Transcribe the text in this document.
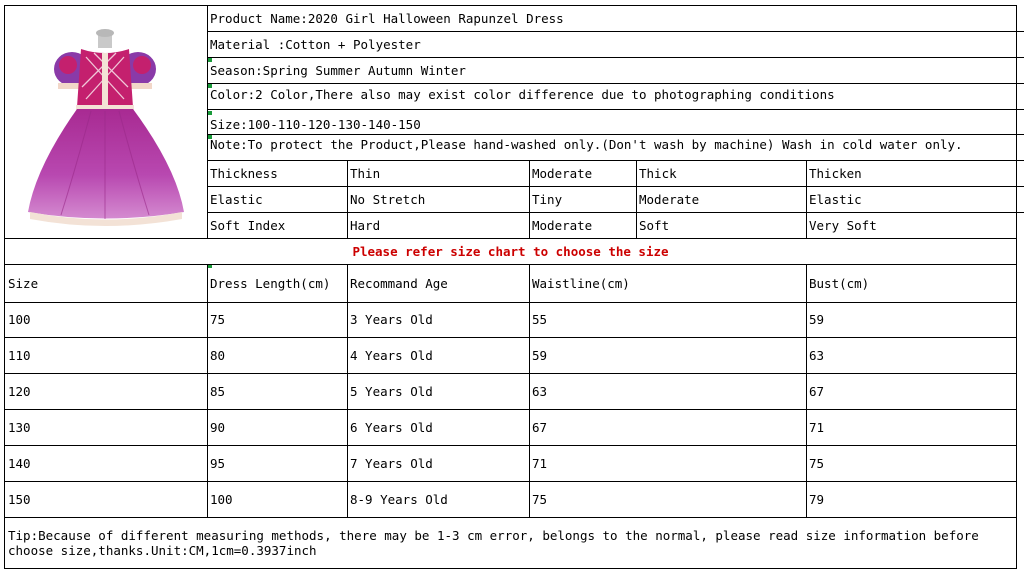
Product Name:2020 Girl Halloween Rapunzel Dress
Material :Cotton + Polyester
Season:Spring Summer Autumn Winter
Color:2 Color,There also may exist color difference due to photographing conditions
Size:100-110-120-130-140-150
Note:To protect the Product,Please hand-washed only.(Don't wash by machine) Wash in cold water only.
Thickness	Thin	Moderate	Thick	Thicken
Elastic	No Stretch	Tiny	Moderate	Elastic
Soft Index	Hard	Moderate	Soft	Very Soft
Please refer size chart to choose the size
Size	Dress Length(cm)	Recommand Age	Waistline(cm)	Bust(cm)
100	75	3 Years Old	55	59
110	80	4 Years Old	59	63
120	85	5 Years Old	63	67
130	90	6 Years Old	67	71
140	95	7 Years Old	71	75
150	100	8-9 Years Old	75	79
Tip:Because of different measuring methods, there may be 1-3 cm error, belongs to the normal, please read size information before choose size,thanks.Unit:CM,1cm=0.3937inch
